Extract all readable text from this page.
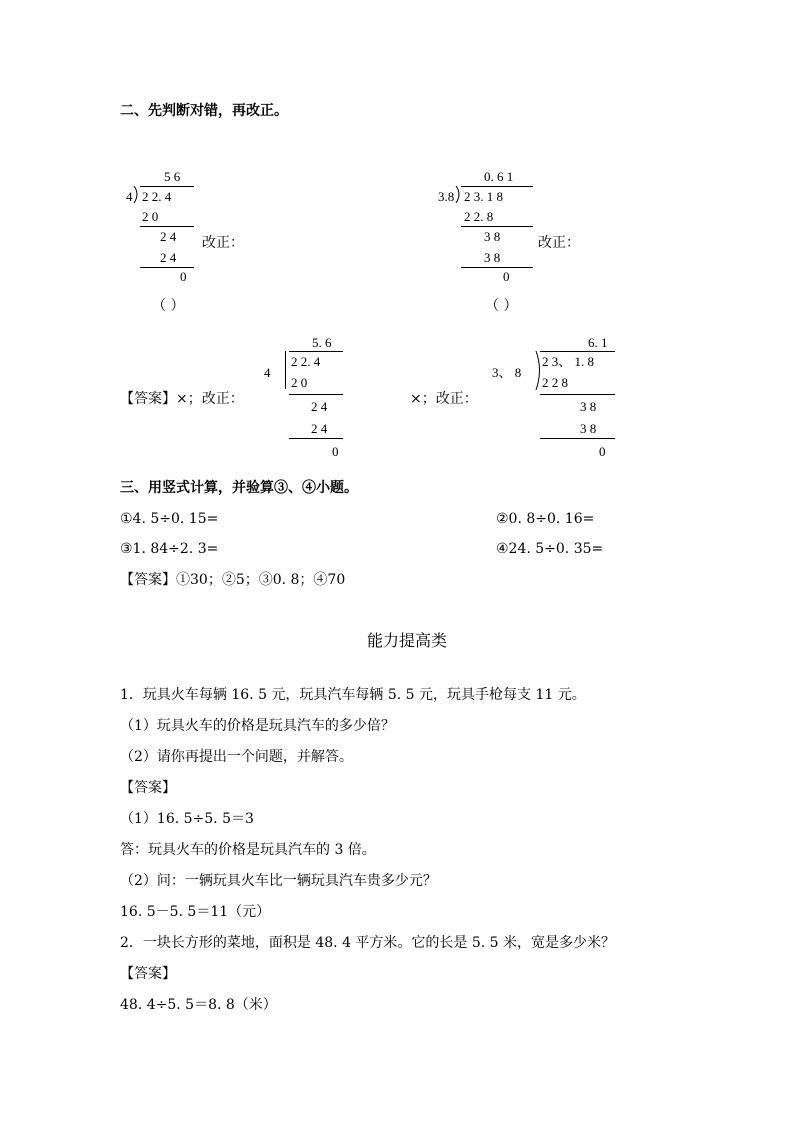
二、先判断对错，再改正。
5 6
4 2 2. 4
2 0
2 4
2 4
0
改正：
（ ）
0. 6 1
3.8 2 3. 1 8
2 2. 8
3 8
3 8
0
改正：
（ ）
【答案】×；改正：
5. 6
4
2 2. 4
2 0
2 4
2 4
0
×；改正：
6. 1
3、 8
2 3、 1. 8
2 2 8
3 8
3 8
0
三、用竖式计算，并验算③、④小题。
①4. 5÷0. 15=	②0. 8÷0. 16=
③1. 84÷2. 3=	④24. 5÷0. 35=
【答案】①30；②5；③0. 8；④70
能力提高类
1．玩具火车每辆 16. 5 元，玩具汽车每辆 5. 5 元，玩具手枪每支 11 元。
（1）玩具火车的价格是玩具汽车的多少倍？
（2）请你再提出一个问题，并解答。
【答案】
（1）16. 5÷5. 5＝3
答：玩具火车的价格是玩具汽车的 3 倍。
（2）问：一辆玩具火车比一辆玩具汽车贵多少元？
16. 5－5. 5＝11（元）
2．一块长方形的菜地，面积是 48. 4 平方米。它的长是 5. 5 米，宽是多少米？
【答案】
48. 4÷5. 5＝8. 8（米）
